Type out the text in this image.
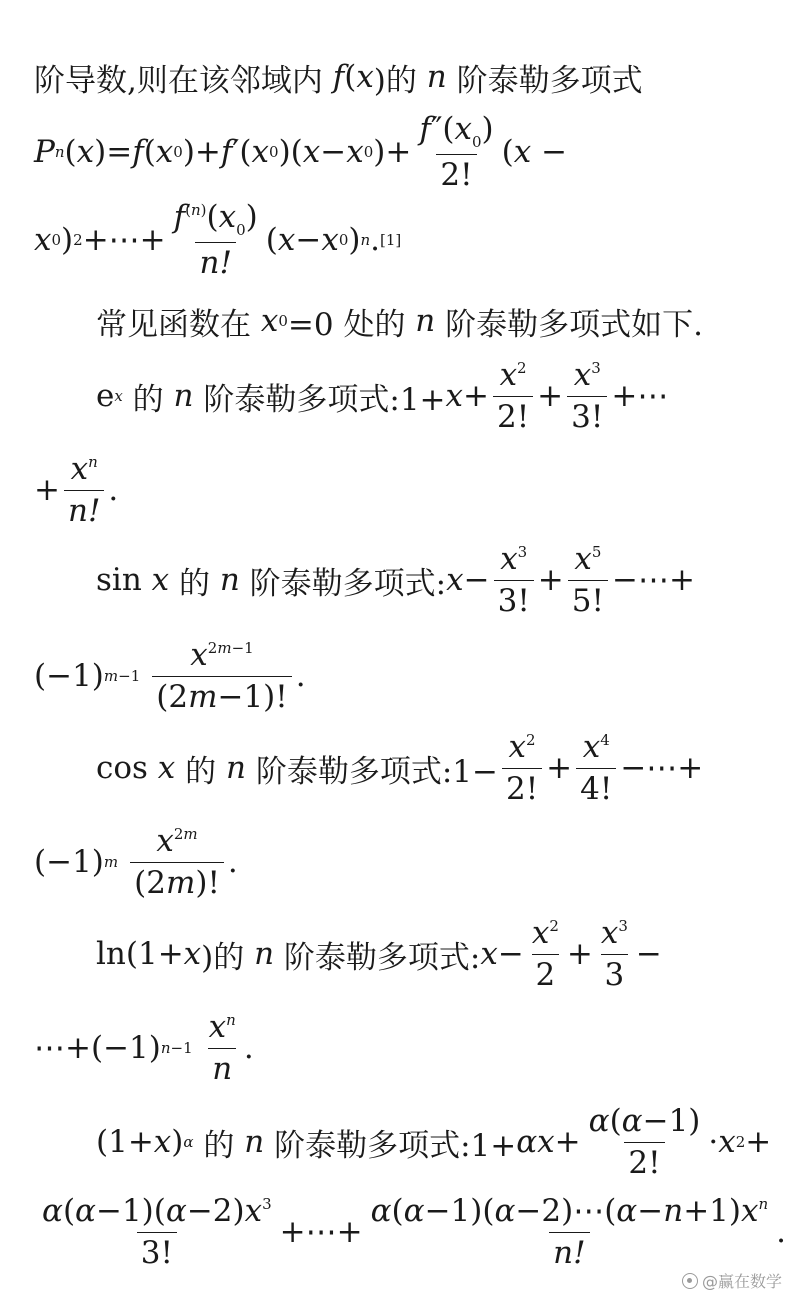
阶导数,则在该邻域内 f ( x )的 n 阶泰勒多项式
P n ( x )= f ( x 0 )+ f ′( x 0 )( x − x 0 )+ $\frac{f''(x_0)}{2!}$ ( x −
x 0 ) 2 +⋯+ $\frac{f^{(n)}(x_0)}{n!}$ ( x − x 0 ) n . [1]
常见函数在 x 0 =0 处的 n 阶泰勒多项式如下.
e x 的 n 阶泰勒多项式:1+ $x + \frac{x^2}{2!} + \frac{x^3}{3!}$ +⋯
+ $\frac{x^n}{n!}$ .
sin x 的 n 阶泰勒多项式: $x - \frac{x^3}{3!} + \frac{x^5}{5!}$ −⋯+
(−1) $m-1 \frac{x^{2m-1}}{(2m-1)!}$ .
cos x 的 n 阶泰勒多项式:1− $\frac{x^2}{2!} + \frac{x^4}{4!}$ −⋯+
(−1) m $\frac{x^{2m}}{(2m)!}$ .
ln(1+ x )的 n 阶泰勒多项式: $x - \frac{x^2}{2} + \frac{x^3}{3}$ −
⋯+(−1) $n-1 \frac{x^n}{n}$ .
(1+ x ) α 的 n 阶泰勒多项式:1+ $\alpha x + \frac{\alpha(\alpha-1)}{2!} \cdot x$ 2 +
$\frac{\alpha(\alpha-1)(\alpha-2)x^3}{3!}$ +⋯+ $\frac{\alpha(\alpha-1)(\alpha-2)\cdots(\alpha-n+1)x^n}{n!}$ .
@赢在数学
